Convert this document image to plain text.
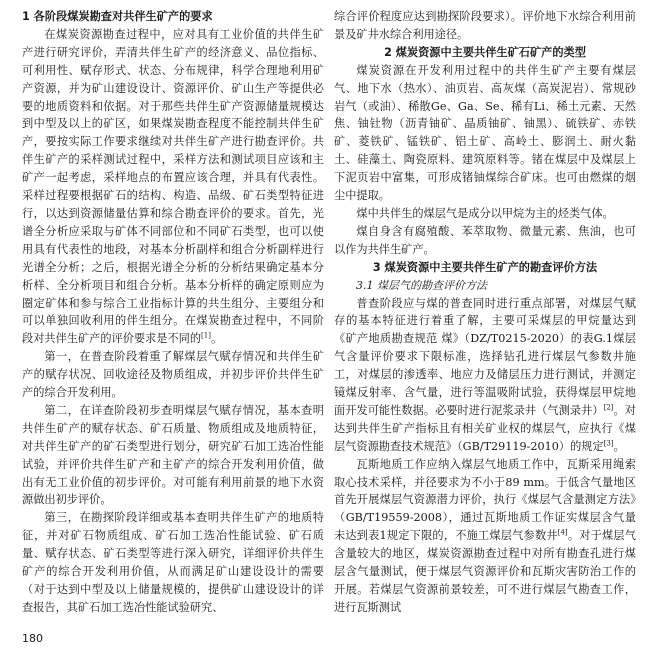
1 各阶段煤炭勘查对共伴生矿产的要求

在煤炭资源勘查过程中，应对具有工业价值的共伴生矿产进行研究评价，弄清共伴生矿产的经济意义、品位指标、可利用性、赋存形式、状态、分布规律，科学合理地利用矿产资源，并为矿山建设设计、资源评价、矿山生产等提供必要的地质资料和依据。对于那些共伴生矿产资源储量规模达到中型及以上的矿区，如果煤炭勘查程度不能控制共伴生矿产，要按实际工作要求继续对共伴生矿产进行勘查评价。共伴生矿产的采样测试过程中，采样方法和测试项目应该和主矿产一起考虑，采样地点的布置应该合理，并具有代表性。采样过程要根据矿石的结构、构造、品级、矿石类型特征进行，以达到资源储量估算和综合勘查评价的要求。首先，光谱全分析应采取与矿体不同部位和不同矿石类型，也可以使用具有代表性的地段，对基本分析副样和组合分析副样进行光谱全分析；之后，根据光谱全分析的分析结果确定基本分析样、全分析项目和组合分析。基本分析样的确定原则应为圈定矿体和参与综合工业指标计算的共生组分、主要组分和可以单独回收利用的伴生组分。在煤炭勘查过程中，不同阶段对共伴生矿产的评价要求是不同的[1]。

第一，在普查阶段着重了解煤层气赋存情况和共伴生矿产的赋存状况、回收途径及物质组成，并初步评价共伴生矿产的综合开发利用。

第二，在详查阶段初步查明煤层气赋存情况，基本查明共伴生矿产的赋存状态、矿石质量、物质组成及地质特征，对共伴生矿产的矿石类型进行划分，研究矿石加工选冶性能试验，并评价共伴生矿产和主矿产的综合开发利用价值，做出有无工业价值的初步评价。对可能有利用前景的地下水资源做出初步评价。

第三，在勘探阶段详细或基本查明共伴生矿产的地质特征，并对矿石物质组成、矿石加工选冶性能试验、矿石质量、赋存状态、矿石类型等进行深入研究，详细评价共伴生矿产的综合开发利用价值，从而满足矿山建设设计的需要（对于达到中型及以上储量规模的，提供矿山建设设计的详查报告，其矿石加工选冶性能试验研究、

综合评价程度应达到勘探阶段要求）。评价地下水综合利用前景及矿井水综合利用途径。

2 煤炭资源中主要共伴生矿石矿产的类型

煤炭资源在开发利用过程中的共伴生矿产主要有煤层气、地下水（热水）、油页岩、高灰煤（高炭泥岩）、常规砂岩气（或油）、稀散Ge、Ga、Se、稀有Li、稀土元素、天然焦、铀钍物（沥青铀矿、晶质铀矿、铀黑）、硫铁矿、赤铁矿、菱铁矿、锰铁矿、铝土矿、高岭土、膨润土、耐火黏土、硅藻土、陶瓷原料、建筑原料等。锗在煤层中及煤层上下泥页岩中富集，可形成锗铀煤综合矿床。也可由燃煤的烟尘中提取。

煤中共伴生的煤层气是成分以甲烷为主的烃类气体。

煤自身含有腐殖酸、苯萃取物、微量元素、焦油，也可以作为共伴生矿产。

3 煤炭资源中主要共伴生矿产的勘查评价方法
3.1 煤层气的勘查评价方法

普查阶段应与煤的普查同时进行重点部署，对煤层气赋存的基本特征进行着重了解，主要可采煤层的甲烷量达到《矿产地质勘查规范 煤》（DZ/T0215-2020）的表G.1煤层气含量评价要求下限标准，选择钻孔进行煤层气参数井施工，对煤层的渗透率、地应力及储层压力进行测试，并测定镜煤反射率、含气量，进行等温吸附试验，获得煤层甲烷地面开发可能性数据。必要时进行泥浆录井（气测录井）[2]。对达到共伴生矿产指标且有相关矿业权的煤层气，应执行《煤层气资源勘查技术规范》（GB/T29119-2010）的规定[3]。

瓦斯地质工作应纳入煤层气地质工作中，瓦斯采用绳索取心技术采样，并径要求为不小于89 mm。于低含气量地区首先开展煤层气资源潜力评价，执行《煤层气含量测定方法》（GB/T19559-2008），通过瓦斯地质工作证实煤层含气量未达到表1规定下限的，不施工煤层气参数井[4]。对于煤层气含量较大的地区，煤炭资源勘查过程中对所有勘查孔进行煤层含气量测试，便于煤层气资源评价和瓦斯灾害防治工作的开展。若煤层气资源前景较差，可不进行煤层气勘查工作，进行瓦斯测试

180
